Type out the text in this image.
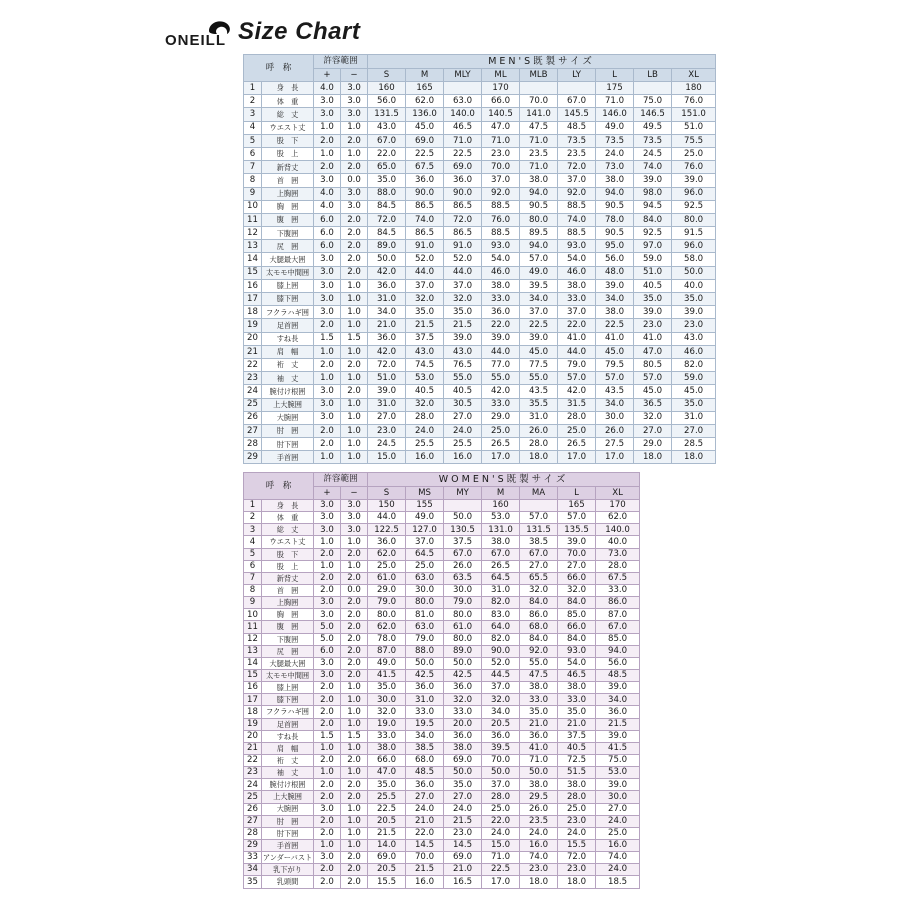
ONEILL Size Chart
呼　称		許容範囲		MEN'S既製サイズ								
		+	−	S	M	MLY	ML	MLB	LY	L	LB	XL
1	身　長	4.0	3.0	160	165		170			175		180
2	体　重	3.0	3.0	56.0	62.0	63.0	66.0	70.0	67.0	71.0	75.0	76.0
3	総　丈	3.0	3.0	131.5	136.0	140.0	140.5	141.0	145.5	146.0	146.5	151.0
4	ウエスト丈	1.0	1.0	43.0	45.0	46.5	47.0	47.5	48.5	49.0	49.5	51.0
5	股　下	2.0	2.0	67.0	69.0	71.0	71.0	71.0	73.5	73.5	73.5	75.5
6	股　上	1.0	1.0	22.0	22.5	22.5	23.0	23.5	23.5	24.0	24.5	25.0
7	新背丈	2.0	2.0	65.0	67.5	69.0	70.0	71.0	72.0	73.0	74.0	76.0
8	首　囲	3.0	0.0	35.0	36.0	36.0	37.0	38.0	37.0	38.0	39.0	39.0
9	上胸囲	4.0	3.0	88.0	90.0	90.0	92.0	94.0	92.0	94.0	98.0	96.0
10	胸　囲	4.0	3.0	84.5	86.5	86.5	88.5	90.5	88.5	90.5	94.5	92.5
11	腹　囲	6.0	2.0	72.0	74.0	72.0	76.0	80.0	74.0	78.0	84.0	80.0
12	下腹囲	6.0	2.0	84.5	86.5	86.5	88.5	89.5	88.5	90.5	92.5	91.5
13	尻　囲	6.0	2.0	89.0	91.0	91.0	93.0	94.0	93.0	95.0	97.0	96.0
14	大腿最大囲	3.0	2.0	50.0	52.0	52.0	54.0	57.0	54.0	56.0	59.0	58.0
15	太モモ中間囲	3.0	2.0	42.0	44.0	44.0	46.0	49.0	46.0	48.0	51.0	50.0
16	膝上囲	3.0	1.0	36.0	37.0	37.0	38.0	39.5	38.0	39.0	40.5	40.0
17	膝下囲	3.0	1.0	31.0	32.0	32.0	33.0	34.0	33.0	34.0	35.0	35.0
18	フクラハギ囲	3.0	1.0	34.0	35.0	35.0	36.0	37.0	37.0	38.0	39.0	39.0
19	足首囲	2.0	1.0	21.0	21.5	21.5	22.0	22.5	22.0	22.5	23.0	23.0
20	すね長	1.5	1.5	36.0	37.5	39.0	39.0	39.0	41.0	41.0	41.0	43.0
21	肩　幅	1.0	1.0	42.0	43.0	43.0	44.0	45.0	44.0	45.0	47.0	46.0
22	裄　丈	2.0	2.0	72.0	74.5	76.5	77.0	77.5	79.0	79.5	80.5	82.0
23	袖　丈	1.0	1.0	51.0	53.0	55.0	55.0	55.0	57.0	57.0	57.0	59.0
24	腕付け根囲	3.0	2.0	39.0	40.5	40.5	42.0	43.5	42.0	43.5	45.0	45.0
25	上大腕囲	3.0	1.0	31.0	32.0	30.5	33.0	35.5	31.5	34.0	36.5	35.0
26	大腕囲	3.0	1.0	27.0	28.0	27.0	29.0	31.0	28.0	30.0	32.0	31.0
27	肘　囲	2.0	1.0	23.0	24.0	24.0	25.0	26.0	25.0	26.0	27.0	27.0
28	肘下囲	2.0	1.0	24.5	25.5	25.5	26.5	28.0	26.5	27.5	29.0	28.5
29	手首囲	1.0	1.0	15.0	16.0	16.0	17.0	18.0	17.0	17.0	18.0	18.0
呼　称		許容範囲		WOMEN'S既製サイズ						
		+	−	S	MS	MY	M	MA	L	XL
1	身　長	3.0	3.0	150	155		160		165	170
2	体　重	3.0	3.0	44.0	49.0	50.0	53.0	57.0	57.0	62.0
3	総　丈	3.0	3.0	122.5	127.0	130.5	131.0	131.5	135.5	140.0
4	ウエスト丈	1.0	1.0	36.0	37.0	37.5	38.0	38.5	39.0	40.0
5	股　下	2.0	2.0	62.0	64.5	67.0	67.0	67.0	70.0	73.0
6	股　上	1.0	1.0	25.0	25.0	26.0	26.5	27.0	27.0	28.0
7	新背丈	2.0	2.0	61.0	63.0	63.5	64.5	65.5	66.0	67.5
8	首　囲	2.0	0.0	29.0	30.0	30.0	31.0	32.0	32.0	33.0
9	上胸囲	3.0	2.0	79.0	80.0	79.0	82.0	84.0	84.0	86.0
10	胸　囲	3.0	2.0	80.0	81.0	80.0	83.0	86.0	85.0	87.0
11	腹　囲	5.0	2.0	62.0	63.0	61.0	64.0	68.0	66.0	67.0
12	下腹囲	5.0	2.0	78.0	79.0	80.0	82.0	84.0	84.0	85.0
13	尻　囲	6.0	2.0	87.0	88.0	89.0	90.0	92.0	93.0	94.0
14	大腿最大囲	3.0	2.0	49.0	50.0	50.0	52.0	55.0	54.0	56.0
15	太モモ中間囲	3.0	2.0	41.5	42.5	42.5	44.5	47.5	46.5	48.5
16	膝上囲	2.0	1.0	35.0	36.0	36.0	37.0	38.0	38.0	39.0
17	膝下囲	2.0	1.0	30.0	31.0	32.0	32.0	33.0	33.0	34.0
18	フクラハギ囲	2.0	1.0	32.0	33.0	33.0	34.0	35.0	35.0	36.0
19	足首囲	2.0	1.0	19.0	19.5	20.0	20.5	21.0	21.0	21.5
20	すね長	1.5	1.5	33.0	34.0	36.0	36.0	36.0	37.5	39.0
21	肩　幅	1.0	1.0	38.0	38.5	38.0	39.5	41.0	40.5	41.5
22	裄　丈	2.0	2.0	66.0	68.0	69.0	70.0	71.0	72.5	75.0
23	袖　丈	1.0	1.0	47.0	48.5	50.0	50.0	50.0	51.5	53.0
24	腕付け根囲	2.0	2.0	35.0	36.0	35.0	37.0	38.0	38.0	39.0
25	上大腕囲	2.0	2.0	25.5	27.0	27.0	28.0	29.5	28.0	30.0
26	大腕囲	3.0	1.0	22.5	24.0	24.0	25.0	26.0	25.0	27.0
27	肘　囲	2.0	1.0	20.5	21.0	21.5	22.0	23.5	23.0	24.0
28	肘下囲	2.0	1.0	21.5	22.0	23.0	24.0	24.0	24.0	25.0
29	手首囲	1.0	1.0	14.0	14.5	14.5	15.0	16.0	15.5	16.0
33	アンダーバスト	3.0	2.0	69.0	70.0	69.0	71.0	74.0	72.0	74.0
34	乳下がり	2.0	2.0	20.5	21.5	21.0	22.5	23.0	23.0	24.0
35	乳頭間	2.0	2.0	15.5	16.0	16.5	17.0	18.0	18.0	18.5
